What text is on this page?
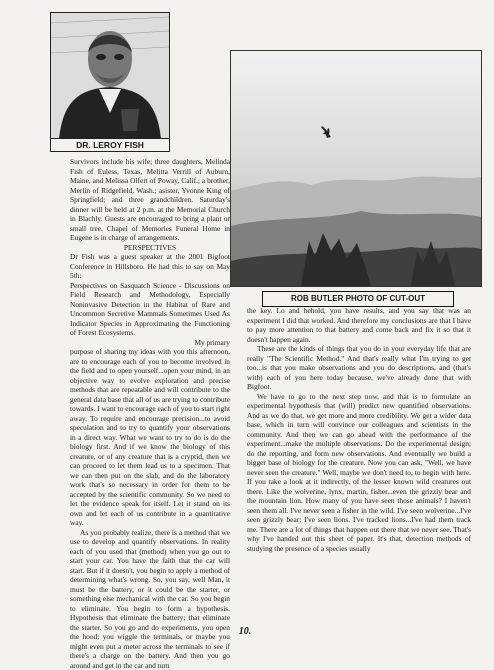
DR. LEROY FISH
➜
ROB BUTLER PHOTO OF CUT-OUT

Survivors include his wife; three daughters, Melinda Fish of Euless, Texas, Melitta Verrill of Auburn, Maine, and Melissa Olfert of Poway, Calif.; a brother, Merlin of Ridgefield, Wash.; asister, Yvonne King of Springfield; and three grandchildren. Saturday's dinner will be held at 2 p.m. at the Memorial Church in Blachly. Guests are encouraged to bring a plant or small tree. Chapel of Memories Funeral Home in Eugene is in charge of arrangements.

PERSPECTIVES

Dr Fish was a guest speaker at the 2001 Bigfoot Conference in Hillsboro. He had this to say on May 5th:

Perspectives on Sasquatch Science - Discussions on Field Research and Methodology, Especially Noninvasive Detection in the Habitat of Rare and Uncommon Secretive Mammals Sometimes Used As Indicator Species in Approximating the Functioning of Forest Ecosystems.

My primary

purpose of sharing my ideas with you this afternoon, are to encourage each of you to become involved in the field and to open yourself...open your mind, in an objective way to evolve exploration and precise methods that are repeatable and will contribute to the general data base that all of us are trying to contribute towards. I want to encourage each of you to start right away. To require and encourage precision...to avoid speculation and to try to quantify your observations in a direct way. What we want to try to do is do the biology first. And if we know the biology of this creature, or of any creature that is a cryptid, then we can proceed to let them lead us to a specimen. That we can then put on the slab, and do the laboratory work that's so necessary in order for them to be accepted by the scientific community. So we need to let the evidence speak for itself. Let it stand on its own and let each of us contribute in a quantitative way.

As you probably realize, there is a method that we use to develop and quantify observations. In reality each of you used that (method) when you go out to start your car. You have the faith that the car will start. But if it doesn't, you begin to apply a method of determining what's wrong. So, you say, well Man, it must be the battery, or it could be the starter, or something else mechanical with the car. So you begin to eliminate. You begin to form a hypothesis. Hypothesis that eliminate the battery; that eliminate the starter. So you go and do experiments, you open the hood; you wiggle the terminals, or maybe you might even put a meter across the terminals to see if there's a charge on the battery. And then you go around and get in the car and turn

the key. Lo and behold, you have results, and you say that was an experiment I did that worked. And therefore my conclusions are that I have to pay more attention to that battery and come back and fix it so that it doesn't happen again.

These are the kinds of things that you do in your everyday life that are really "The Scientific Method." And that's really what I'm trying to get too...is that you make observations and you do descriptions, and (that's with) each of you here today because, we've already done that with Bigfoot.

We have to go to the next step now, and that is to formulate an experimental hypothesis that (will) predict new quantified observations. And as we do that, we get more and more credibility. We get a wider data base, which in turn will convince our colleagues and scientists in the community. And then we can go ahead with the performance of the experiment...make the multiple observations. Do the experimental design; do the reporting, and form new observations. And eventually we build a bigger base of biology for the creature. Now you can ask, "Well, we have never seen the creature." Well, maybe we don't need to, to begin with here. If you take a look at it indirectly, of the lesser known wild creatures out there. Like the wolverine, lynx, martin, fisher...even the grizzly bear and the mountain lion. How many of you have seen those animals? I haven't seen them all. I've never seen a fisher in the wild. I've seen wolverine...I've seen grizzly bear; I've seen lions. I've tracked lions...I've had them track me. There are a lot of things that happen out there that we never see. That's why I've handed out this sheet of paper. It's that, detection methods of studying the presence of a species usually

10.
